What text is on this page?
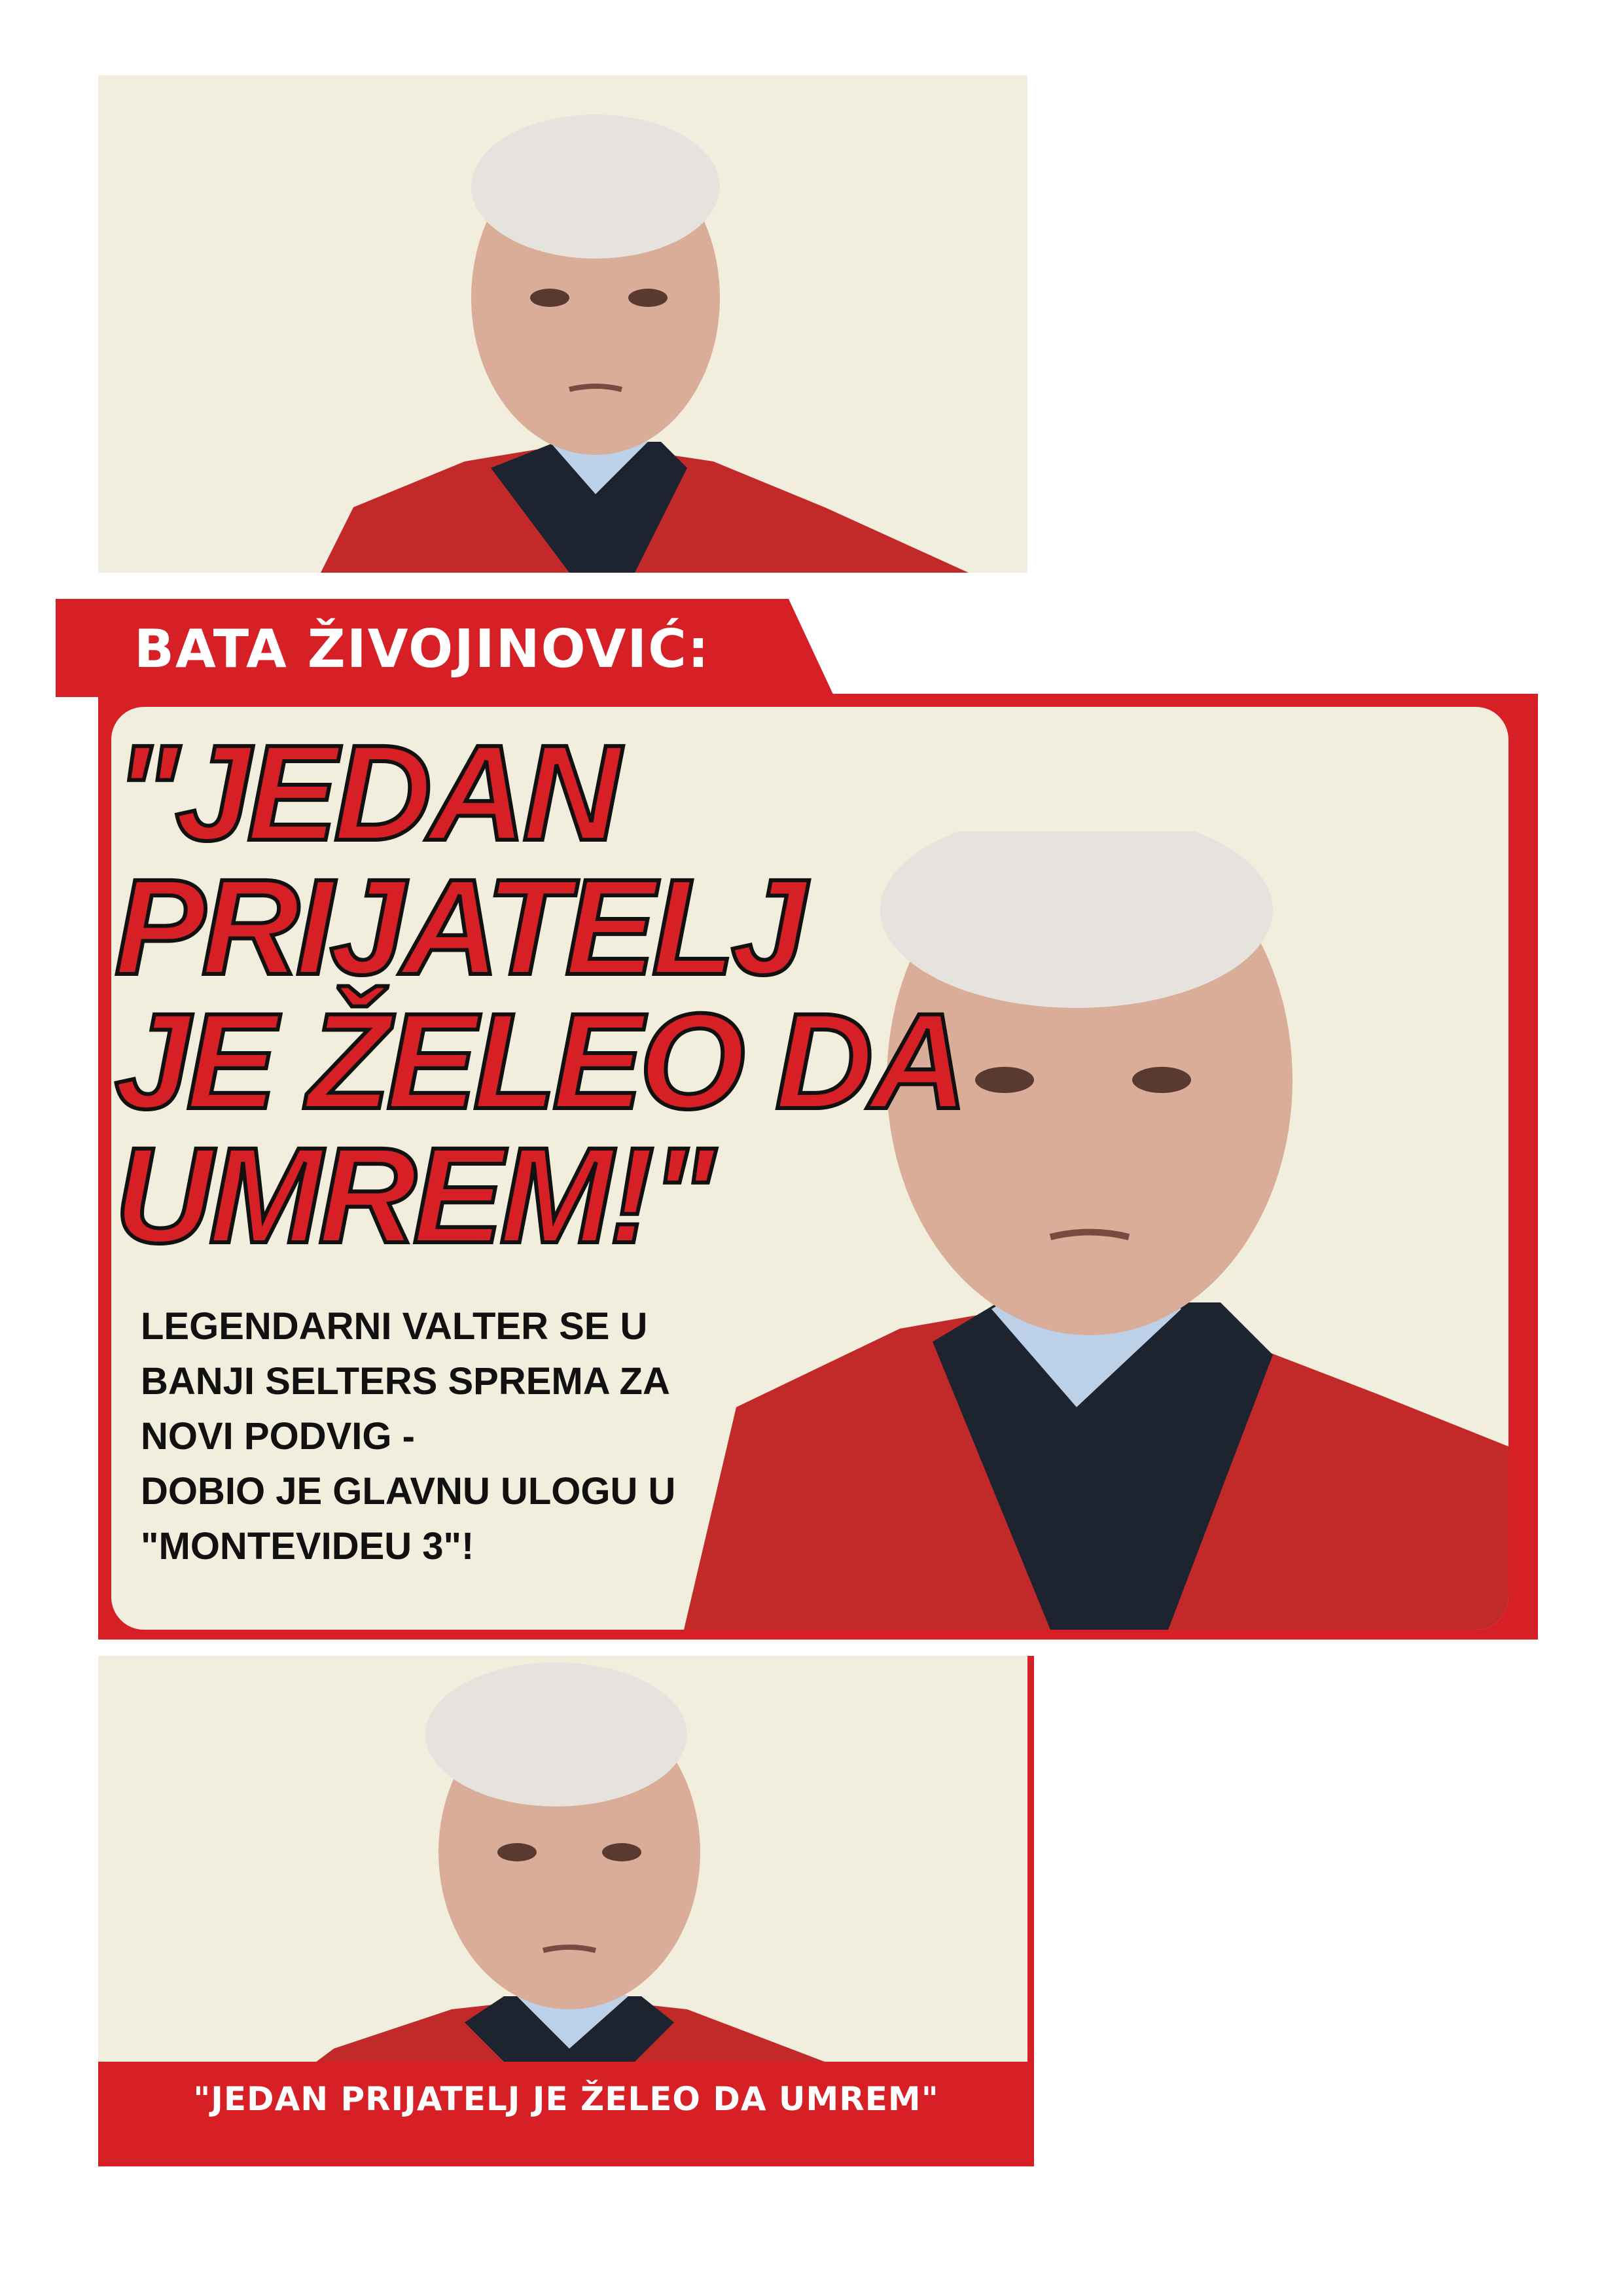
BATA ŽIVOJINOVIĆ:
"JEDAN PRIJATELJ
JE ŽELEO DA
UMREM!"
LEGENDARNI VALTER SE U
BANJI SELTERS SPREMA ZA
NOVI PODVIG -
DOBIO JE GLAVNU ULOGU U
"MONTEVIDEU 3"!
"JEDAN PRIJATELJ JE ŽELEO DA UMREM"
